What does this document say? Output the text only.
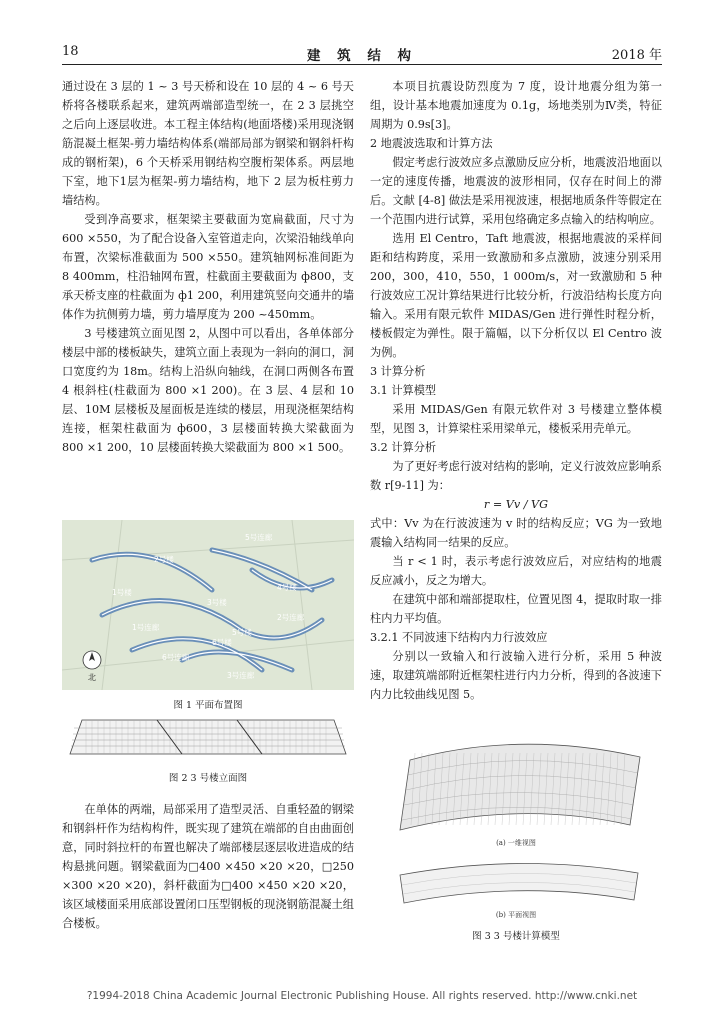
18	建 筑 结 构	2018 年

通过设在 3 层的 1 ~ 3 号天桥和设在 10 层的 4 ~ 6 号天桥将各楼联系起来，建筑两端部造型统一，在 2 3 层挑空之后向上逐层收进。本工程主体结构(地面塔楼)采用现浇钢筋混凝土框架-剪力墙结构体系(端部局部为钢梁和钢斜杆构成的钢桁架)，6 个天桥采用钢结构空腹桁架体系。两层地下室，地下1层为框架-剪力墙结构，地下 2 层为板柱剪力墙结构。

受到净高要求，框架梁主要截面为宽扁截面，尺寸为 600 ×550，为了配合设备入室管道走向，次梁沿轴线单向布置，次梁标准截面为 500 ×550。建筑轴网标准间距为 8 400mm，柱沿轴网布置，柱截面主要截面为 ф800，支承天桥支座的柱截面为 ф1 200，利用建筑竖向交通井的墙体作为抗侧剪力墙，剪力墙厚度为 200 ~450mm。

3 号楼建筑立面见图 2，从图中可以看出，各单体部分楼层中部的楼板缺失，建筑立面上表现为一斜向的洞口，洞口宽度约为 18m。结构上沿纵向轴线，在洞口两侧各布置 4 根斜柱(柱截面为 800 ×1 200)。在 3 层、4 层和 10 层、10M 层楼板及屋面板是连续的楼层，用现浇框架结构连接，框架柱截面为 ф600，3 层楼面转换大梁截面为 800 ×1 200，10 层楼面转换大梁截面为 800 ×1 500。

5号连廊
2号楼
1号楼
3号楼
4号楼
5号楼
6号楼
1号连廊
6号连廊
2号连廊
3号连廊
北
图 1 平面布置图
图 2 3 号楼立面图

在单体的两端，局部采用了造型灵活、自重轻盈的钢梁和钢斜杆作为结构构件，既实现了建筑在端部的自由曲面创意，同时斜拉杆的布置也解决了端部楼层逐层收进造成的结构悬挑问题。钢梁截面为□400 ×450 ×20 ×20，□250 ×300 ×20 ×20)，斜杆截面为□400 ×450 ×20 ×20，该区域楼面采用底部设置闭口压型钢板的现浇钢筋混凝土组合楼板。

本项目抗震设防烈度为 7 度，设计地震分组为第一组，设计基本地震加速度为 0.1g，场地类别为Ⅳ类，特征周期为 0.9s[3]。

2 地震波选取和计算方法

假定考虑行波效应多点激励反应分析，地震波沿地面以一定的速度传播，地震波的波形相同，仅存在时间上的滞后。文献 [4-8] 做法是采用视波速，根据地质条件等假定在一个范围内进行试算，采用包络确定多点输入的结构响应。

选用 El Centro，Taft 地震波，根据地震波的采样间距和结构跨度，采用一致激励和多点激励，波速分别采用 200，300，410，550，1 000m/s，对一致激励和 5 种行波效应工况计算结果进行比较分析，行波沿结构长度方向输入。采用有限元软件 MIDAS/Gen 进行弹性时程分析，楼板假定为弹性。限于篇幅，以下分析仅以 El Centro 波为例。

3 计算分析
3.1 计算模型

采用 MIDAS/Gen 有限元软件对 3 号楼建立整体模型，见图 3，计算梁柱采用梁单元，楼板采用壳单元。

3.2 计算分析

为了更好考虑行波对结构的影响，定义行波效应影响系数 r[9-11] 为：

r = Vv / VG

式中：Vv 为在行波波速为 v 时的结构反应；VG 为一致地震输入结构同一结果的反应。

当 r < 1 时，表示考虑行波效应后，对应结构的地震反应减小，反之为增大。

在建筑中部和端部提取柱，位置见图 4，提取时取一排柱内力平均值。

3.2.1 不同波速下结构内力行波效应

分别以一致输入和行波输入进行分析，采用 5 种波速，取建筑端部附近框架柱进行内力分析，得到的各波速下内力比较曲线见图 5。

(a) 一维视图
(b) 平面视图
图 3 3 号楼计算模型
?1994-2018 China Academic Journal Electronic Publishing House. All rights reserved. http://www.cnki.net
